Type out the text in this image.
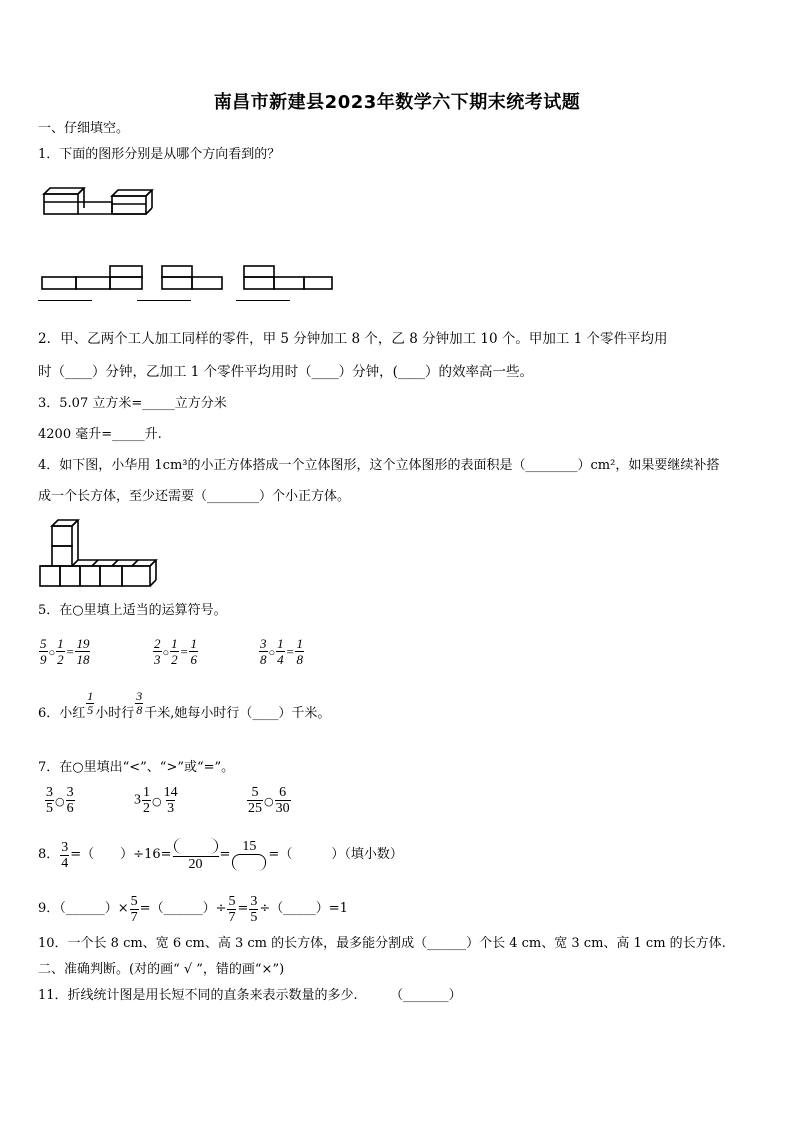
南昌市新建县2023年数学六下期末统考试题
一、仔细填空。
1．下面的图形分别是从哪个方向看到的？
2．甲、乙两个工人加工同样的零件，甲 5 分钟加工 8 个，乙 8 分钟加工 10 个。甲加工 1 个零件平均用
时（____）分钟，乙加工 1 个零件平均用时（____）分钟，(____）的效率高一些。
3．5.07 立方米=_____立方分米
4200 毫升=_____升.
4．如下图，小华用 1cm³的小正方体搭成一个立体图形，这个立体图形的表面积是（________）cm²，如果要继续补搭
成一个长方体，至少还需要（________）个小正方体。
5．在○里填上适当的运算符号。
$\frac{5}{9}$ ○ $\frac{1}{2} = \frac{19}{18}$	$\frac{2}{3}$ ○ $\frac{1}{2} = \frac{1}{6}$	$\frac{3}{8}$ ○ $\frac{1}{4} = \frac{1}{8}$
6．小红 $\frac{1}{5}$ 小时行 $\frac{3}{8}$ 千米,她每小时行（____）千米。
7．在○里填出“<”、“>”或“=”。
$\frac{3}{5}$ ○ $\frac{3}{6}$	$3 \frac{1}{2}$ ○ $\frac{14}{3}$	$\frac{5}{25}$ ○ $\frac{6}{30}$
8． $\frac{3}{4}$ =（　　）÷16=
20
=
15
=（　　　）（填小数）
9．（______）× $\frac{5}{7}$ =（______）÷ $\frac{5}{7} = \frac{3}{5}$ ÷（_____）=1
10．一个长 8 cm、宽 6 cm、高 3 cm 的长方体，最多能分割成（______）个长 4 cm、宽 3 cm、高 1 cm 的长方体.
二、准确判断。(对的画“ √ ”，错的画“×”)
11．折线统计图是用长短不同的直条来表示数量的多少.　　　（_______）
